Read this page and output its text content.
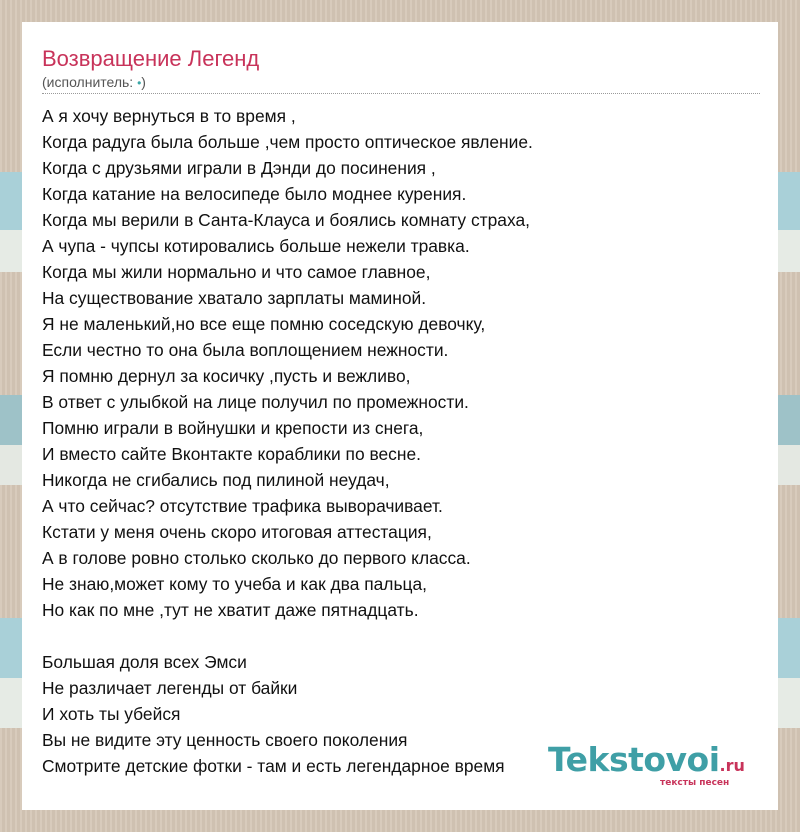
Возвращение Легенд
(исполнитель: •)
А я хочу вернуться в то время ,
Когда радуга была больше ,чем просто оптическое явление.
Когда с друзьями играли в Дэнди до посинения ,
Когда катание на велосипеде было моднее курения.
Когда мы верили в Санта-Клауса и боялись комнату страха,
А чупа - чупсы котировались больше нежели травка.
Когда мы жили нормально и что самое главное,
На существование хватало зарплаты маминой.
Я не маленький,но все еще помню соседскую девочку,
Если честно то она была воплощением нежности.
Я помню дернул за косичку ,пусть и вежливо,
В ответ с улыбкой на лице получил по промежности.
Помню играли в войнушки и крепости из снега,
И вместо сайте Вконтакте кораблики по весне.
Никогда не сгибались под пилиной неудач,
А что сейчас? отсутствие трафика выворачивает.
Кстати у меня очень скоро итоговая аттестация,
А в голове ровно столько сколько до первого класса.
Не знаю,может кому то учеба и как два пальца,
Но как по мне ,тут не хватит даже пятнадцать.
Большая доля всех Эмси
Не различает легенды от байки
И хоть ты убейся
Вы не видите эту ценность своего поколения
Смотрите детские фотки - там и есть легендарное время	Tekstovoi.ru
тексты песен
